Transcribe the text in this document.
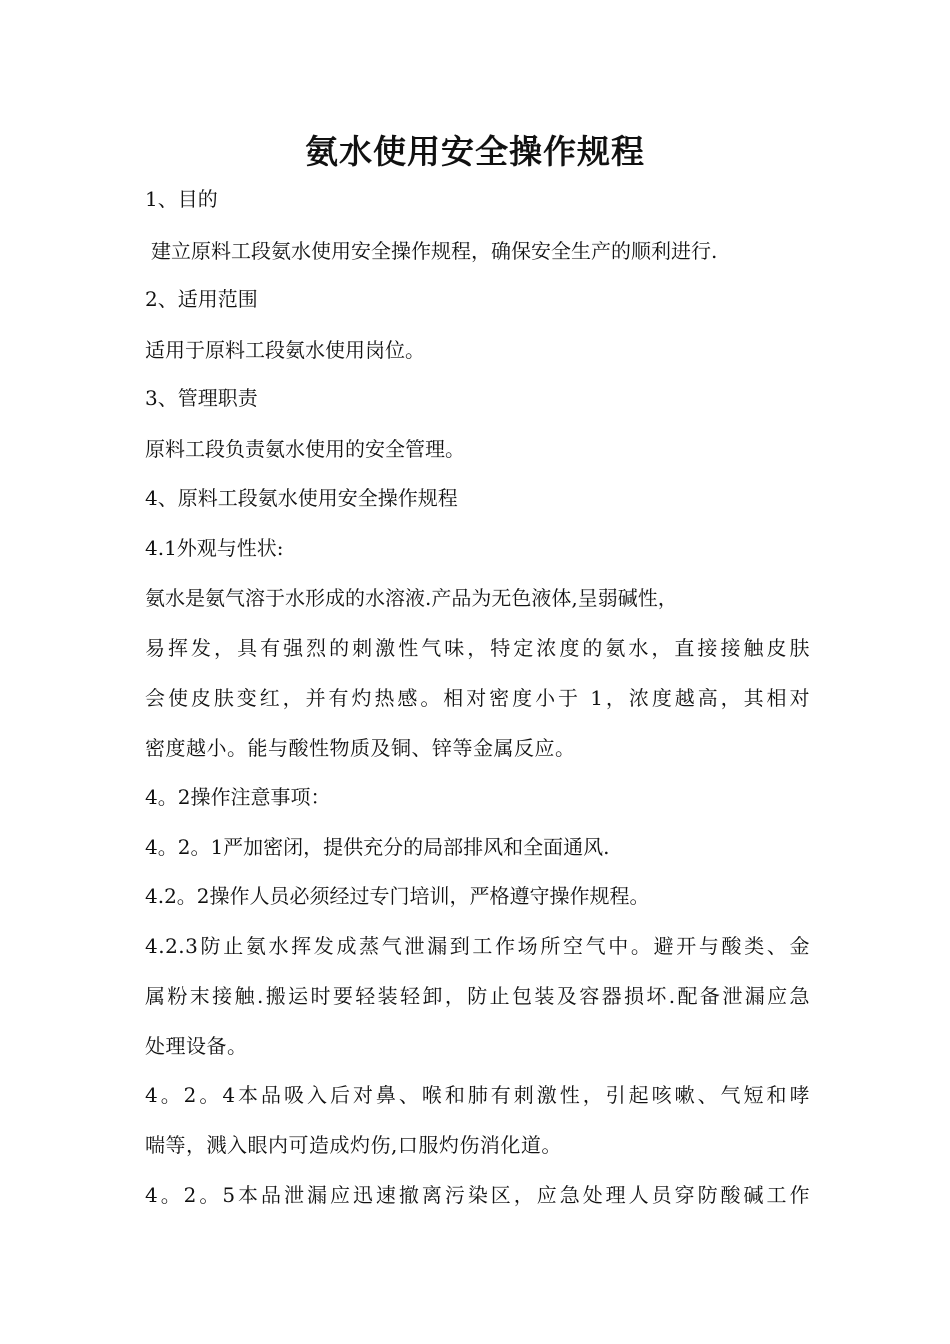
氨水使用安全操作规程

1、目的

建立原料工段氨水使用安全操作规程，确保安全生产的顺利进行.

2、适用范围

适用于原料工段氨水使用岗位。

3、管理职责

原料工段负责氨水使用的安全管理。

4、原料工段氨水使用安全操作规程

4.1外观与性状:

氨水是氨气溶于水形成的水溶液.产品为无色液体,呈弱碱性，

易挥发，具有强烈的刺激性气味，特定浓度的氨水，直接接触皮肤
会使皮肤变红，并有灼热感。相对密度小于 1，浓度越高，其相对
密度越小。能与酸性物质及铜、锌等金属反应。

4。2操作注意事项：

4。2。1严加密闭，提供充分的局部排风和全面通风.

4.2。2操作人员必须经过专门培训，严格遵守操作规程。

4.2.3防止氨水挥发成蒸气泄漏到工作场所空气中。避开与酸类、金
属粉末接触.搬运时要轻装轻卸，防止包装及容器损坏.配备泄漏应急
处理设备。
4。2。4本品吸入后对鼻、喉和肺有刺激性，引起咳嗽、气短和哮
喘等，溅入眼内可造成灼伤,口服灼伤消化道。
4。2。5本品泄漏应迅速撤离污染区，应急处理人员穿防酸碱工作
